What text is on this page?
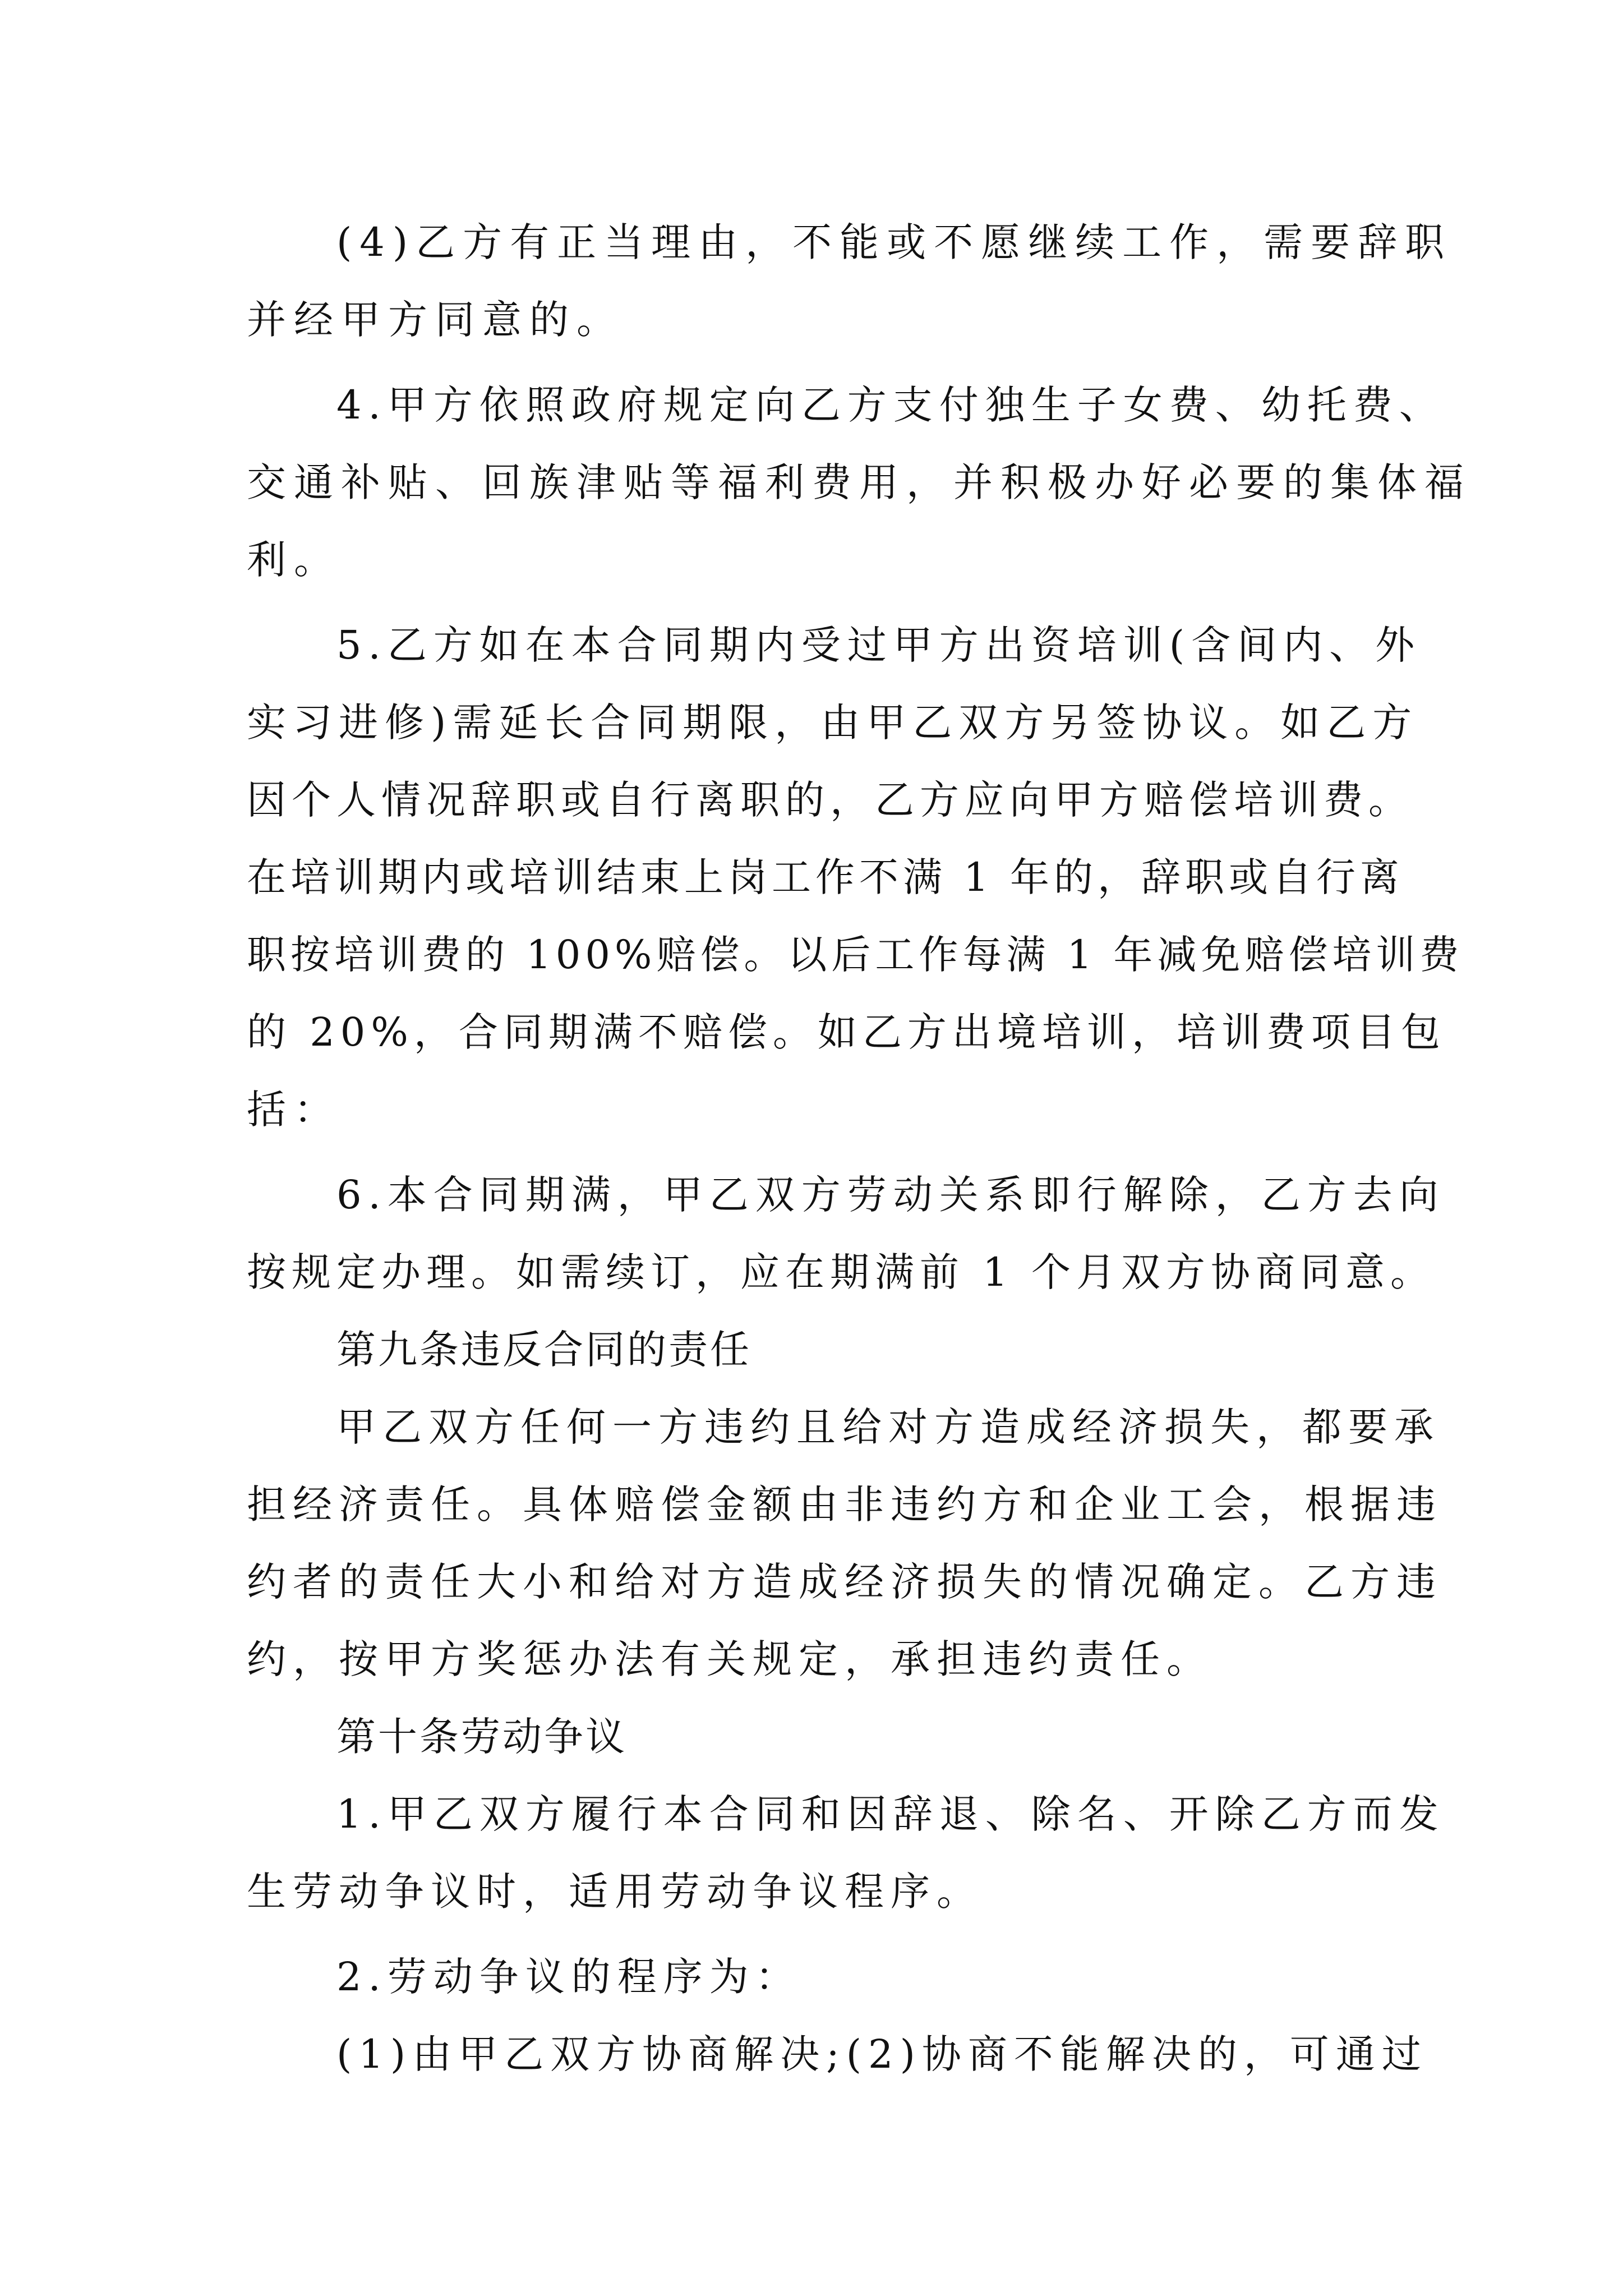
(4)乙方有正当理由，不能或不愿继续工作，需要辞职
并经甲方同意的。
4.甲方依照政府规定向乙方支付独生子女费、幼托费、
交通补贴、回族津贴等福利费用，并积极办好必要的集体福
利。
5.乙方如在本合同期内受过甲方出资培训(含间内、外
实习进修)需延长合同期限，由甲乙双方另签协议。如乙方
因个人情况辞职或自行离职的，乙方应向甲方赔偿培训费。
在培训期内或培训结束上岗工作不满 1 年的，辞职或自行离
职按培训费的 100%赔偿。以后工作每满 1 年减免赔偿培训费
的 20%，合同期满不赔偿。如乙方出境培训，培训费项目包
括：
6.本合同期满，甲乙双方劳动关系即行解除，乙方去向
按规定办理。如需续订，应在期满前 1 个月双方协商同意。
第九条违反合同的责任
甲乙双方任何一方违约且给对方造成经济损失，都要承
担经济责任。具体赔偿金额由非违约方和企业工会，根据违
约者的责任大小和给对方造成经济损失的情况确定。乙方违
约，按甲方奖惩办法有关规定，承担违约责任。
第十条劳动争议
1.甲乙双方履行本合同和因辞退、除名、开除乙方而发
生劳动争议时，适用劳动争议程序。
2.劳动争议的程序为：
(1)由甲乙双方协商解决;(2)协商不能解决的，可通过
